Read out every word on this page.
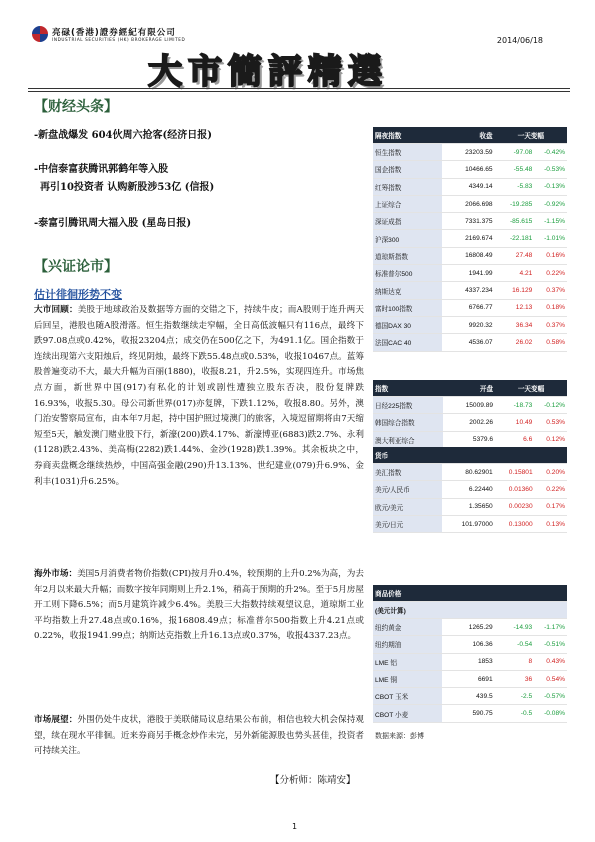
亮碌(香港)證券經紀有限公司
INDUSTRIAL SECURITIES (HK) BROKERAGE LIMITED	2014/06/18
大市簡評精選
【财经头条】
-新盘战爆发 604伙周六抢客(经济日报)
-中信泰富获腾讯郭鹤年等入股
再引10投资者 认购新股涉53亿 (信报)
-泰富引腾讯周大福入股 (星岛日报)
【兴证论市】
估计徘徊形势不变
大市回顾：美股于地球政治及数据等方面的交错之下，持续牛皮；而A股则于连升两天后回呈，港股也随A股滑落。恒生指数继续走窄幅，全日高低波幅只有116点，最终下跌97.08点或0.42%，收报23204点；成交仍在500亿之下，为491.1亿。国企指数于连续出现第六支阳烛后，终见阴烛，最终下跌55.48点或0.53%，收报10467点。蓝筹股普遍变动不大，最大升幅为百丽(1880)，收报8.21，升2.5%，实现四连升。市场焦点方面，新世界中国(917)有私化的计划或剧性遭独立股东否决，股份复牌跌16.93%，收报5.30。母公司新世界(017)亦复牌，下跌1.12%，收报8.80。另外，澳门治安警察局宣布，由本年7月起，持中国护照过境澳门的旅客，入境逗留期将由7天缩短至5天，触发澳门赌业股下行，新濠(200)跌4.17%、新濠博亚(6883)跌2.7%、永利(1128)跌2.43%、美高梅(2282)跌1.44%、金沙(1928)跌1.39%。其余板块之中，券商卖盘概念继续热炒，中国高强金融(290)升13.13%、世纪建业(079)升6.9%、金利丰(1031)升6.25%。
海外市场：美国5月消费者物价指数(CPI)按月升0.4%，较预期的上升0.2%为高，为去年2月以来最大升幅；而数字按年同期则上升2.1%，稍高于预期的升2%。至于5月房屋开工则下降6.5%；而5月建筑许减少6.4%。美股三大指数持续观望议息，道琼斯工业平均指数上升27.48点或0.16%，报16808.49点；标准普尔500指数上升4.21点或0.22%，收报1941.99点；纳斯达克指数上升16.13点或0.37%，收报4337.23点。
市场展望：外围仍处牛皮状，港股于美联储局议息结果公布前，相信也较大机会保持观望，续在现水平徘徊。近来券商另手概念炒作未完，另外新能源股也势头甚佳，投资者可持续关注。
【分析师：陈靖安】
1
隔夜指数	收盘	一天变幅	
恒生指数	23203.59	-97.08	-0.42%
国企指数	10466.65	-55.48	-0.53%
红筹指数	4349.14	-5.83	-0.13%
上证综合	2066.698	-19.285	-0.92%
深证成指	7331.375	-85.615	-1.15%
沪深300	2169.674	-22.181	-1.01%
道琼斯指数	16808.49	27.48	0.16%
标准普尔500	1941.99	4.21	0.22%
纳斯达克	4337.234	16.129	0.37%
富时100指数	6766.77	12.13	0.18%
德国DAX 30	9920.32	36.34	0.37%
法国CAC 40	4536.07	26.02	0.58%
指数	开盘	一天变幅	
日经225指数	15009.89	-18.73	-0.12%
韩国综合指数	2002.26	10.49	0.53%
澳大利亚综合	5379.6	6.6	0.12%
货币			
美汇指数	80.62901	0.15801	0.20%
美元/人民币	6.22440	0.01360	0.22%
欧元/美元	1.35650	0.00230	0.17%
美元/日元	101.97000	0.13000	0.13%
商品价格			
(美元计算)			
纽约黄金	1265.29	-14.93	-1.17%
纽约期油	106.36	-0.54	-0.51%
LME 铝	1853	8	0.43%
LME 铜	6691	36	0.54%
CBOT 玉米	439.5	-2.5	-0.57%
CBOT 小麦	590.75	-0.5	-0.08%
数据来源：彭博
